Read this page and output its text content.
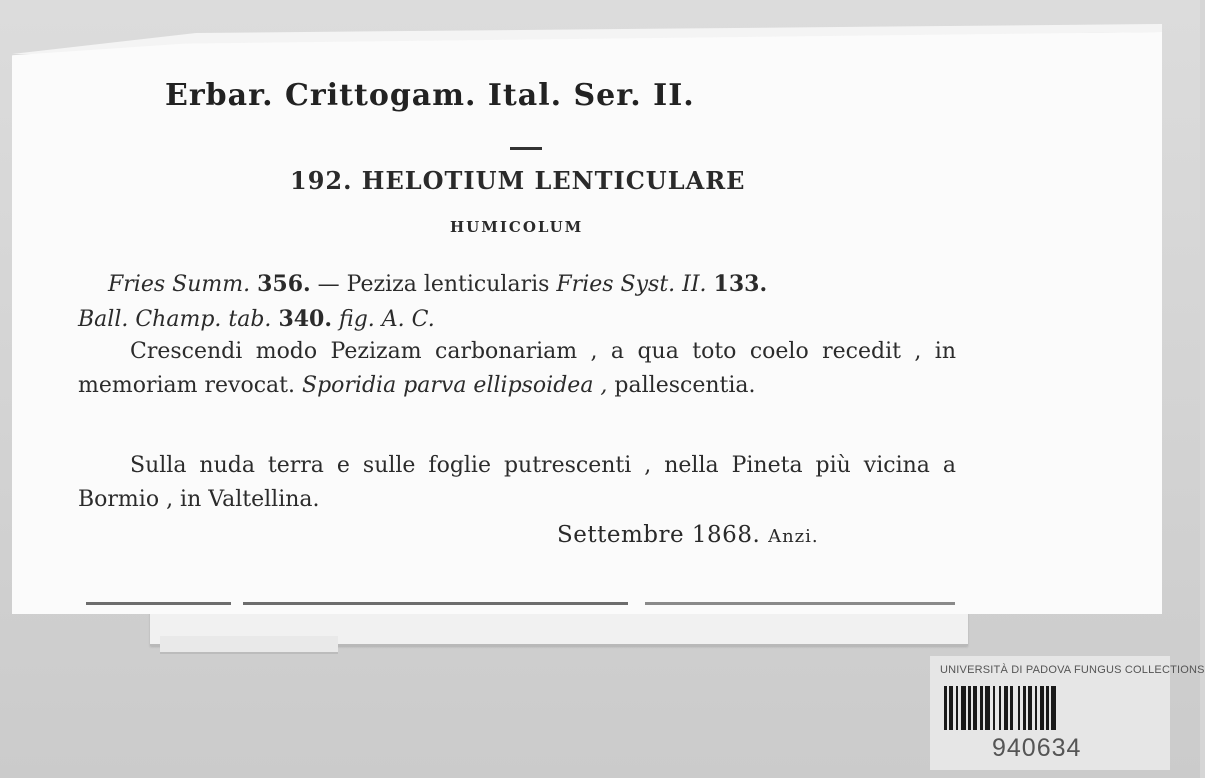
Erbar. Crittogam. Ital. Ser. II.
192. HELOTIUM LENTICULARE
HUMICOLUM
Fries Summ. 356. — Peziza lenticularis Fries Syst. II. 133.
Ball. Champ. tab. 340. fig. A. C.
Crescendi modo Pezizam carbonariam , a qua toto coelo recedit , in memoriam revocat. Sporidia parva ellipsoidea , pallescentia.
Sulla nuda terra e sulle foglie putrescenti , nella Pineta più vicina a Bormio , in Valtellina.
Settembre 1868. Anzi.
UNIVERSITÀ DI PADOVA FUNGUS COLLECTIONS
940634
